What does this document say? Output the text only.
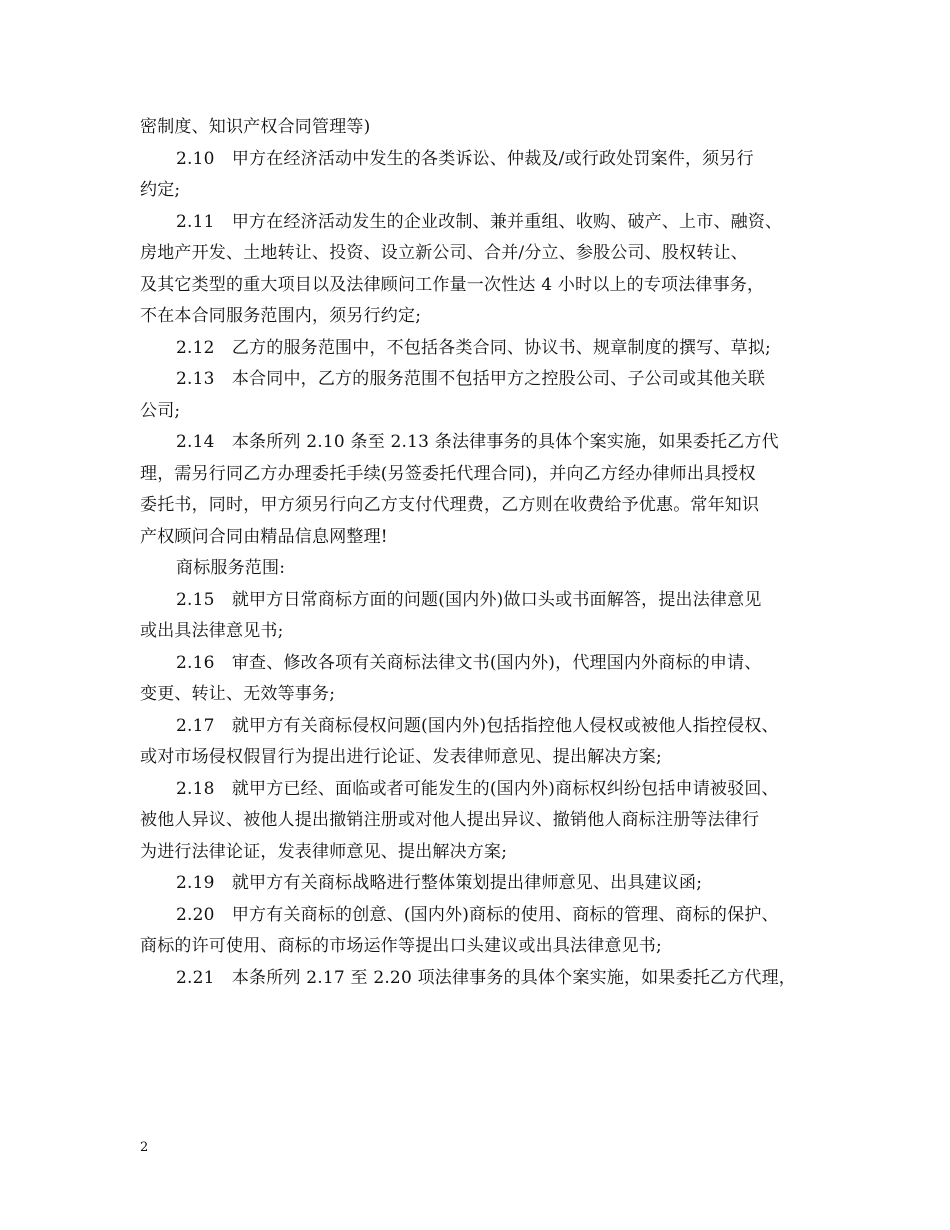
密制度、知识产权合同管理等)
2.10　甲方在经济活动中发生的各类诉讼、仲裁及/或行政处罚案件，须另行
约定;
2.11　甲方在经济活动发生的企业改制、兼并重组、收购、破产、上市、融资、
房地产开发、土地转让、投资、设立新公司、合并/分立、参股公司、股权转让、
及其它类型的重大项目以及法律顾问工作量一次性达 4 小时以上的专项法律事务，
不在本合同服务范围内，须另行约定;
2.12　乙方的服务范围中，不包括各类合同、协议书、规章制度的撰写、草拟;
2.13　本合同中，乙方的服务范围不包括甲方之控股公司、子公司或其他关联
公司;
2.14　本条所列 2.10 条至 2.13 条法律事务的具体个案实施，如果委托乙方代
理，需另行同乙方办理委托手续(另签委托代理合同)，并向乙方经办律师出具授权
委托书，同时，甲方须另行向乙方支付代理费，乙方则在收费给予优惠。常年知识
产权顾问合同由精品信息网整理!
商标服务范围:
2.15　就甲方日常商标方面的问题(国内外)做口头或书面解答，提出法律意见
或出具法律意见书;
2.16　审查、修改各项有关商标法律文书(国内外)，代理国内外商标的申请、
变更、转让、无效等事务;
2.17　就甲方有关商标侵权问题(国内外)包括指控他人侵权或被他人指控侵权、
或对市场侵权假冒行为提出进行论证、发表律师意见、提出解决方案;
2.18　就甲方已经、面临或者可能发生的(国内外)商标权纠纷包括申请被驳回、
被他人异议、被他人提出撤销注册或对他人提出异议、撤销他人商标注册等法律行
为进行法律论证，发表律师意见、提出解决方案;
2.19　就甲方有关商标战略进行整体策划提出律师意见、出具建议函;
2.20　甲方有关商标的创意、(国内外)商标的使用、商标的管理、商标的保护、
商标的许可使用、商标的市场运作等提出口头建议或出具法律意见书;
2.21　本条所列 2.17 至 2.20 项法律事务的具体个案实施，如果委托乙方代理，
2
